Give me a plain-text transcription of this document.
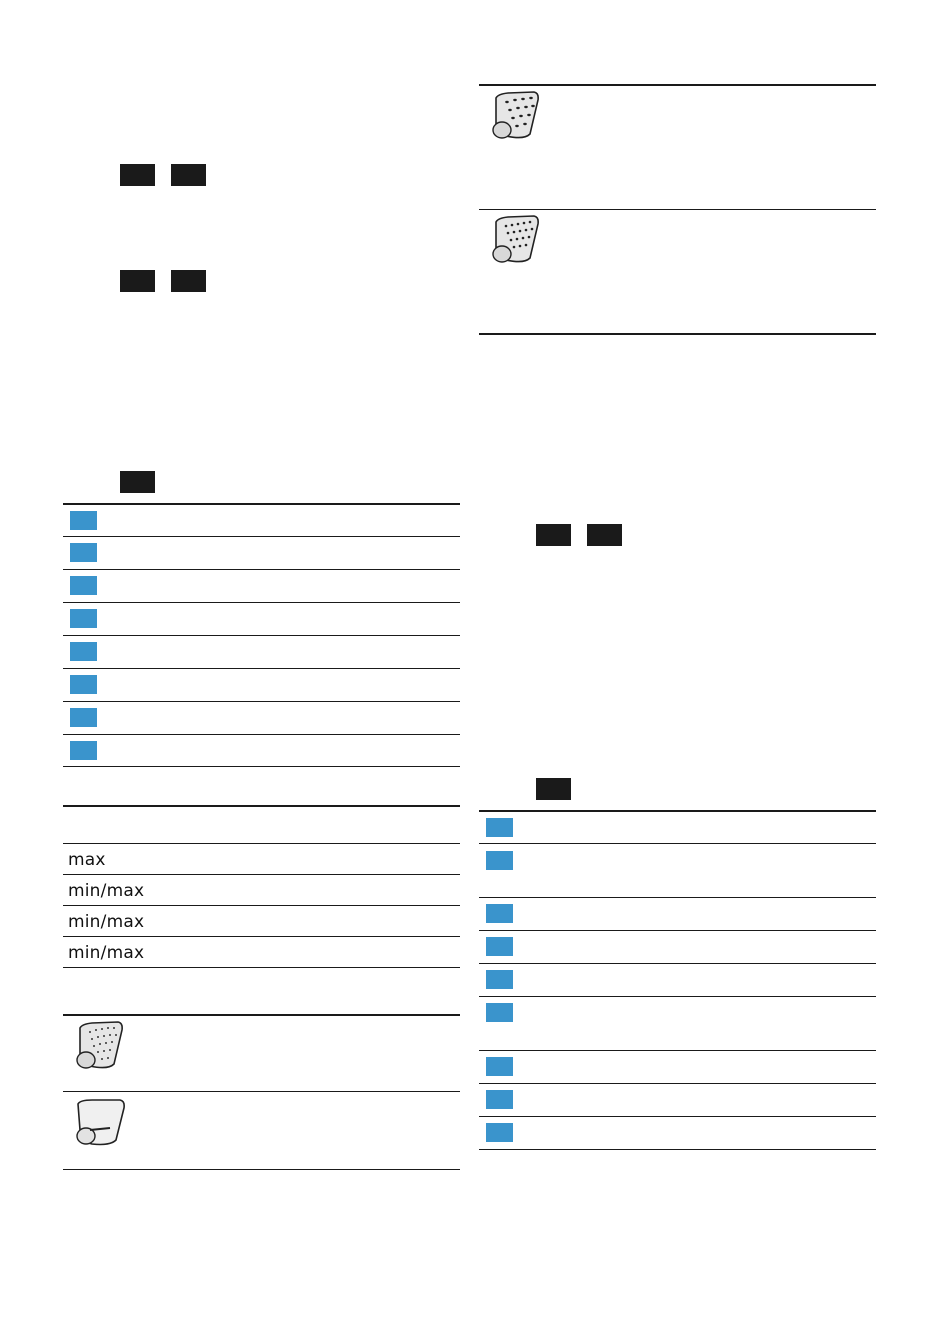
max
min/max
min/max
min/max
